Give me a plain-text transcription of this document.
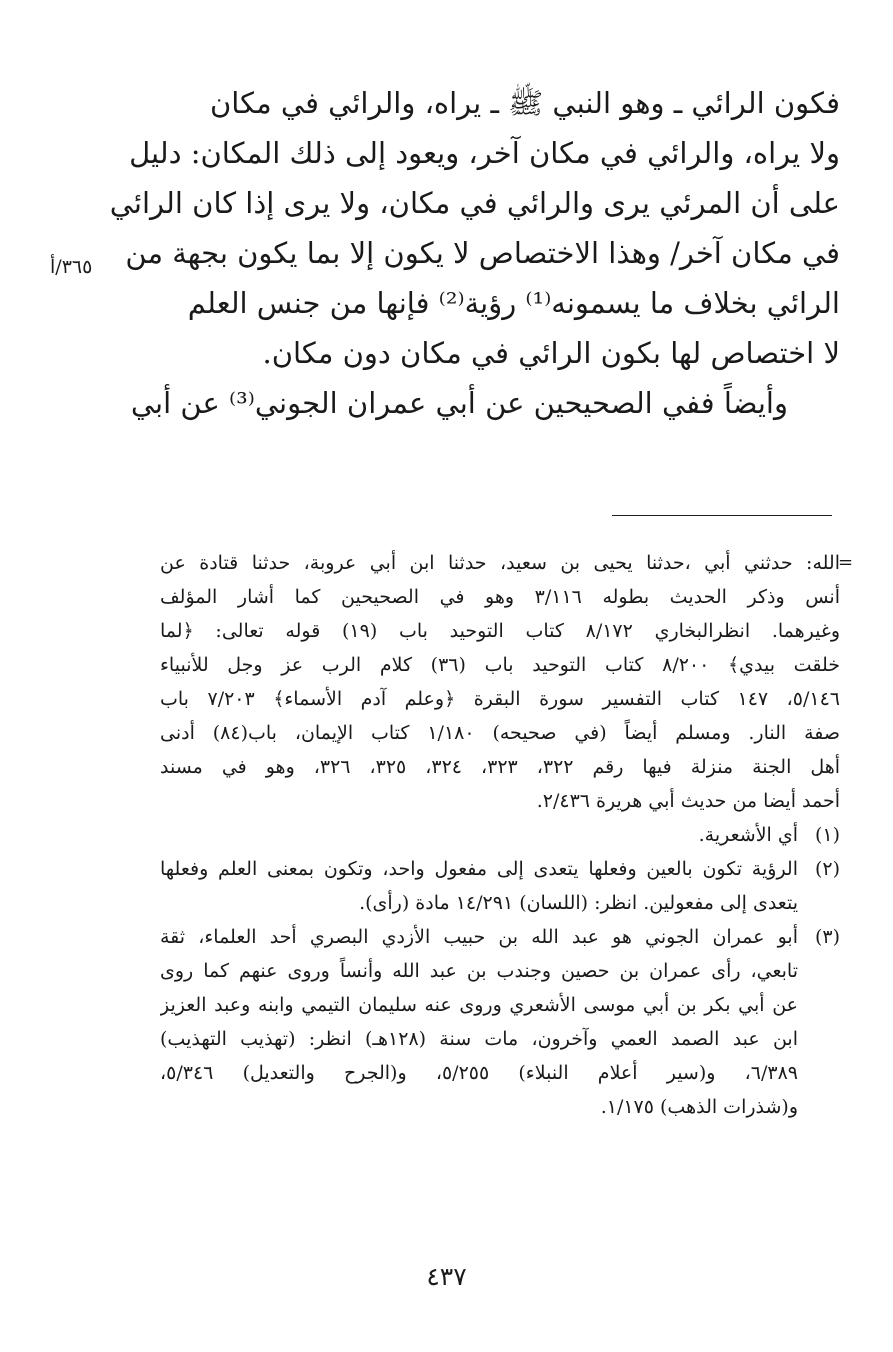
فكون الرائي ـ وهو النبي ﷺ ـ يراه، والرائي في مكان
ولا يراه، والرائي في مكان آخر، ويعود إلى ذلك المكان: دليل
على أن المرئي يرى والرائي في مكان، ولا يرى إذا كان الرائي
في مكان آخر/ وهذا الاختصاص لا يكون إلا بما يكون بجهة من
الرائي بخلاف ما يسمونه⁽¹⁾ رؤية⁽²⁾ فإنها من جنس العلم
لا اختصاص لها بكون الرائي في مكان دون مكان.
وأيضاً ففي الصحيحين عن أبي عمران الجوني⁽³⁾ عن أبي
٣٦٥/أ
=
الله: حدثني أبي ،حدثنا يحيى بن سعيد، حدثنا ابن أبي عروبة، حدثنا قتادة عن
أنس وذكر الحديث بطوله ٣/١١٦ وهو في الصحيحين كما أشار المؤلف
وغيرهما. انظرالبخاري ٨/١٧٢ كتاب التوحيد باب (١٩) قوله تعالى: ﴿لما
خلقت بيدي﴾ ٨/٢٠٠ كتاب التوحيد باب (٣٦) كلام الرب عز وجل للأنبياء
٥/١٤٦، ١٤٧ كتاب التفسير سورة البقرة ﴿وعلم آدم الأسماء﴾ ٧/٢٠٣ باب
صفة النار. ومسلم أيضاً (في صحيحه) ١/١٨٠ كتاب الإيمان، باب(٨٤) أدنى
أهل الجنة منزلة فيها رقم ٣٢٢، ٣٢٣، ٣٢٤، ٣٢٥، ٣٢٦، وهو في مسند
أحمد أيضا من حديث أبي هريرة ٢/٤٣٦.
(١)
أي الأشعرية.
(٢)
الرؤية تكون بالعين وفعلها يتعدى إلى مفعول واحد، وتكون بمعنى العلم وفعلها
يتعدى إلى مفعولين. انظر: (اللسان) ١٤/٢٩١ مادة (رأى).
(٣)
أبو عمران الجوني هو عبد الله بن حبيب الأزدي البصري أحد العلماء، ثقة
تابعي، رأى عمران بن حصين وجندب بن عبد الله وأنساً وروى عنهم كما روى
عن أبي بكر بن أبي موسى الأشعري وروى عنه سليمان التيمي وابنه وعبد العزيز
ابن عبد الصمد العمي وآخرون، مات سنة (١٢٨هـ) انظر: (تهذيب التهذيب)
٦/٣٨٩، و(سير أعلام النبلاء) ٥/٢٥٥، و(الجرح والتعديل) ٥/٣٤٦،
و(شذرات الذهب) ١/١٧٥.
٤٣٧
